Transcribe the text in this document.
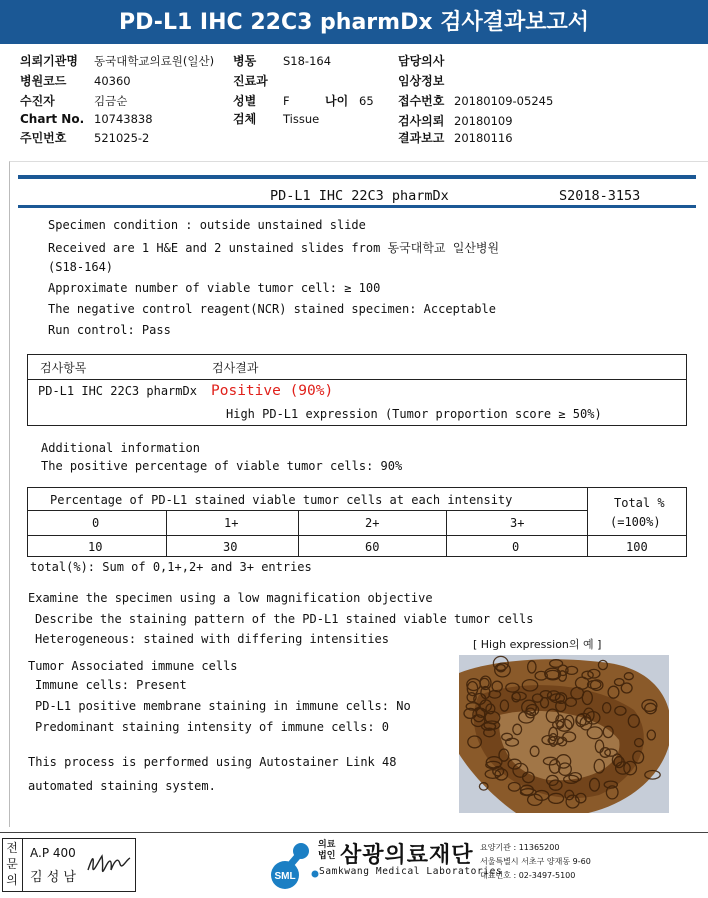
PD-L1 IHC 22C3 pharmDx 검사결과보고서
의뢰기관명 동국대학교의료원(일산) 병동 S18-164	담당의사
병원코드 40360	진료과	임상정보
수진자	김금순	성별 F	나이 65 접수번호 20180109-05245
Chart No. 10743838	검체 Tissue	검사의뢰 20180109
주민번호 521025-2	결과보고 20180116
PD-L1 IHC 22C3 pharmDx	S2018-3153
Specimen condition : outside unstained slide
Received are 1 H&E and 2 unstained slides from 동국대학교 일산병원
(S18-164)
Approximate number of viable tumor cell: ≥ 100
The negative control reagent(NCR) stained specimen: Acceptable
Run control: Pass
검사항목	검사결과
PD-L1 IHC 22C3 pharmDx Positive (90%)
High PD-L1 expression (Tumor proportion score ≥ 50%)
Additional information
The positive percentage of viable tumor cells: 90%
Percentage of PD-L1 stained viable tumor cells at each intensity	Total %
(=100%)
0	1+	2+	3+
10	30	60	0	100
total(%): Sum of 0,1+,2+ and 3+ entries
Examine the specimen using a low magnification objective
Describe the staining pattern of the PD-L1 stained viable tumor cells
Heterogeneous: stained with differing intensities
Tumor Associated immune cells
Immune cells: Present
PD-L1 positive membrane staining in immune cells: No
Predominant staining intensity of immune cells: 0
This process is performed using Autostainer Link 48
automated staining system.
[ High expression의 예 ]
전문의
A.P 400
김 성 남	SML
의료
법인 삼광의료재단
Samkwang Medical Laboratories
요양기관 : 11365200
서울특별시 서초구 양재동 9-60
대표번호 : 02-3497-5100
